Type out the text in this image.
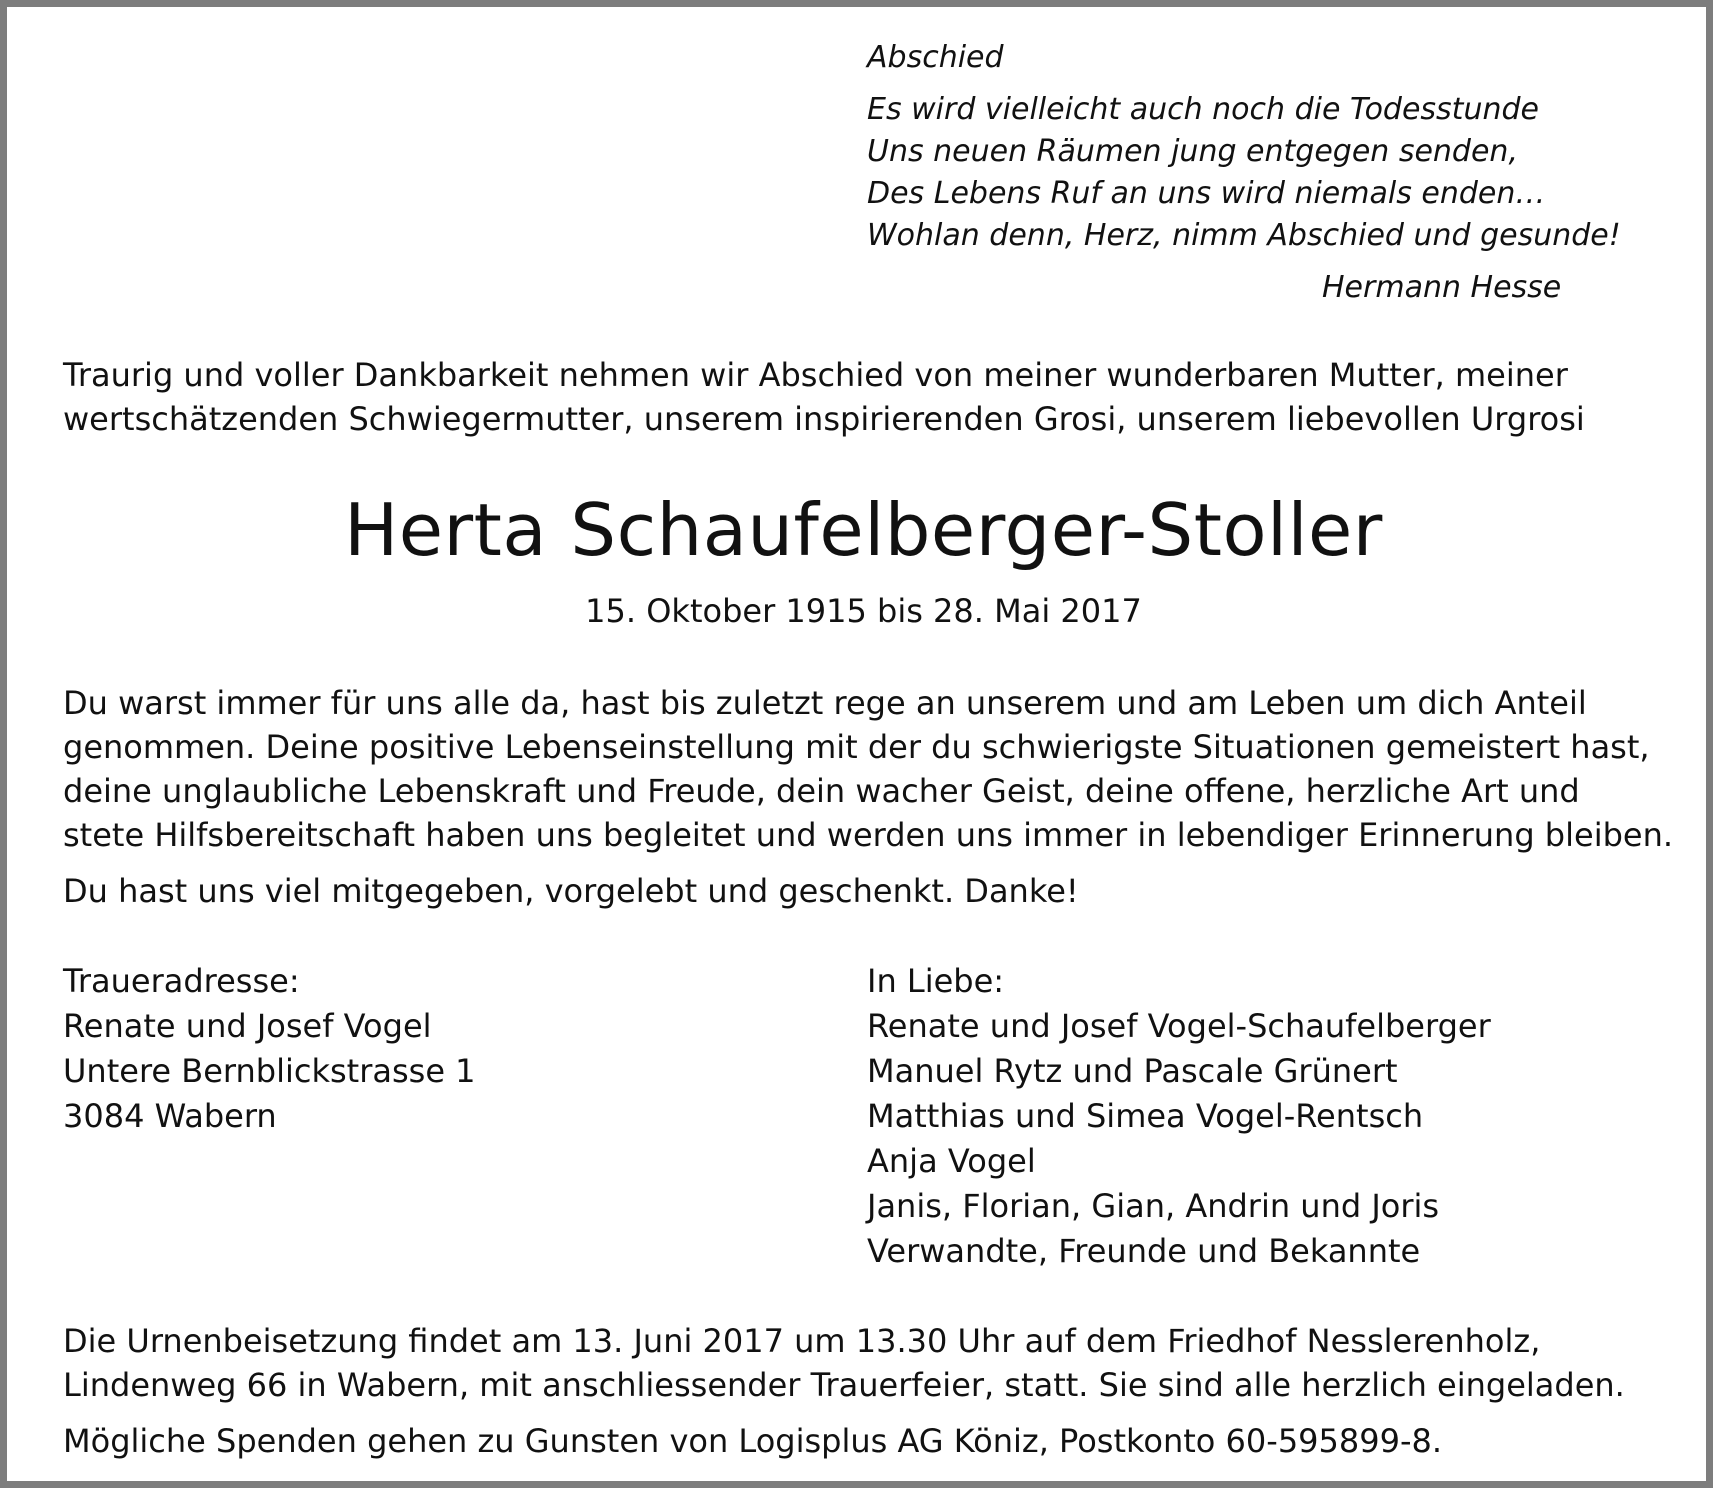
Abschied
Es wird vielleicht auch noch die Todesstunde
Uns neuen Räumen jung entgegen senden,
Des Lebens Ruf an uns wird niemals enden…
Wohlan denn, Herz, nimm Abschied und gesunde!
Hermann Hesse
Traurig und voller Dankbarkeit nehmen wir Abschied von meiner wunderbaren Mutter, meiner
wertschätzenden Schwiegermutter, unserem inspirierenden Grosi, unserem liebevollen Urgrosi
Herta Schaufelberger-Stoller
15. Oktober 1915 bis 28. Mai 2017
Du warst immer für uns alle da, hast bis zuletzt rege an unserem und am Leben um dich Anteil
genommen. Deine positive Lebenseinstellung mit der du schwierigste Situationen gemeistert hast,
deine unglaubliche Lebenskraft und Freude, dein wacher Geist, deine offene, herzliche Art und
stete Hilfsbereitschaft haben uns begleitet und werden uns immer in lebendiger Erinnerung bleiben.
Du hast uns viel mitgegeben, vorgelebt und geschenkt. Danke!
Traueradresse:
Renate und Josef Vogel
Untere Bernblickstrasse 1
3084 Wabern
In Liebe:
Renate und Josef Vogel-Schaufelberger
Manuel Rytz und Pascale Grünert
Matthias und Simea Vogel-Rentsch
Anja Vogel
Janis, Florian, Gian, Andrin und Joris
Verwandte, Freunde und Bekannte
Die Urnenbeisetzung findet am 13. Juni 2017 um 13.30 Uhr auf dem Friedhof Nesslerenholz,
Lindenweg 66 in Wabern, mit anschliessender Trauerfeier, statt. Sie sind alle herzlich eingeladen.
Mögliche Spenden gehen zu Gunsten von Logisplus AG Köniz, Postkonto 60-595899-8.
